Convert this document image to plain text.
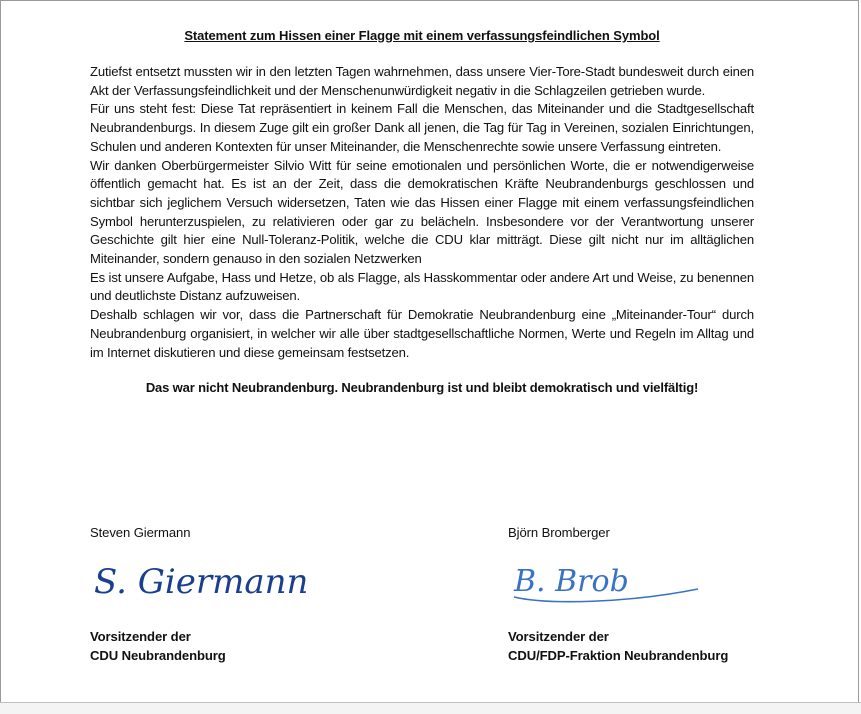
Statement zum Hissen einer Flagge mit einem verfassungsfeindlichen Symbol

Zutiefst entsetzt mussten wir in den letzten Tagen wahrnehmen, dass unsere Vier-Tore-Stadt bundesweit durch einen Akt der Verfassungsfeindlichkeit und der Menschenunwürdigkeit negativ in die Schlagzeilen getrieben wurde.

Für uns steht fest: Diese Tat repräsentiert in keinem Fall die Menschen, das Miteinander und die Stadtgesellschaft Neubrandenburgs. In diesem Zuge gilt ein großer Dank all jenen, die Tag für Tag in Vereinen, sozialen Einrichtungen, Schulen und anderen Kontexten für unser Miteinander, die Menschenrechte sowie unsere Verfassung eintreten.

Wir danken Oberbürgermeister Silvio Witt für seine emotionalen und persönlichen Worte, die er notwendigerweise öffentlich gemacht hat. Es ist an der Zeit, dass die demokratischen Kräfte Neubrandenburgs geschlossen und sichtbar sich jeglichem Versuch widersetzen, Taten wie das Hissen einer Flagge mit einem verfassungsfeindlichen Symbol herunterzuspielen, zu relativieren oder gar zu belächeln. Insbesondere vor der Verantwortung unserer Geschichte gilt hier eine Null-Toleranz-Politik, welche die CDU klar mitträgt. Diese gilt nicht nur im alltäglichen Miteinander, sondern genauso in den sozialen Netzwerken

Es ist unsere Aufgabe, Hass und Hetze, ob als Flagge, als Hasskommentar oder andere Art und Weise, zu benennen und deutlichste Distanz aufzuweisen.

Deshalb schlagen wir vor, dass die Partnerschaft für Demokratie Neubrandenburg eine „Miteinander-Tour“ durch Neubrandenburg organisiert, in welcher wir alle über stadtgesellschaftliche Normen, Werte und Regeln im Alltag und im Internet diskutieren und diese gemeinsam festsetzen.

Das war nicht Neubrandenburg. Neubrandenburg ist und bleibt demokratisch und vielfältig!

Steven Giermann

S. Giermann
Vorsitzender der
CDU Neubrandenburg

Björn Bromberger

B. Brob
Vorsitzender der
CDU/FDP-Fraktion Neubrandenburg
